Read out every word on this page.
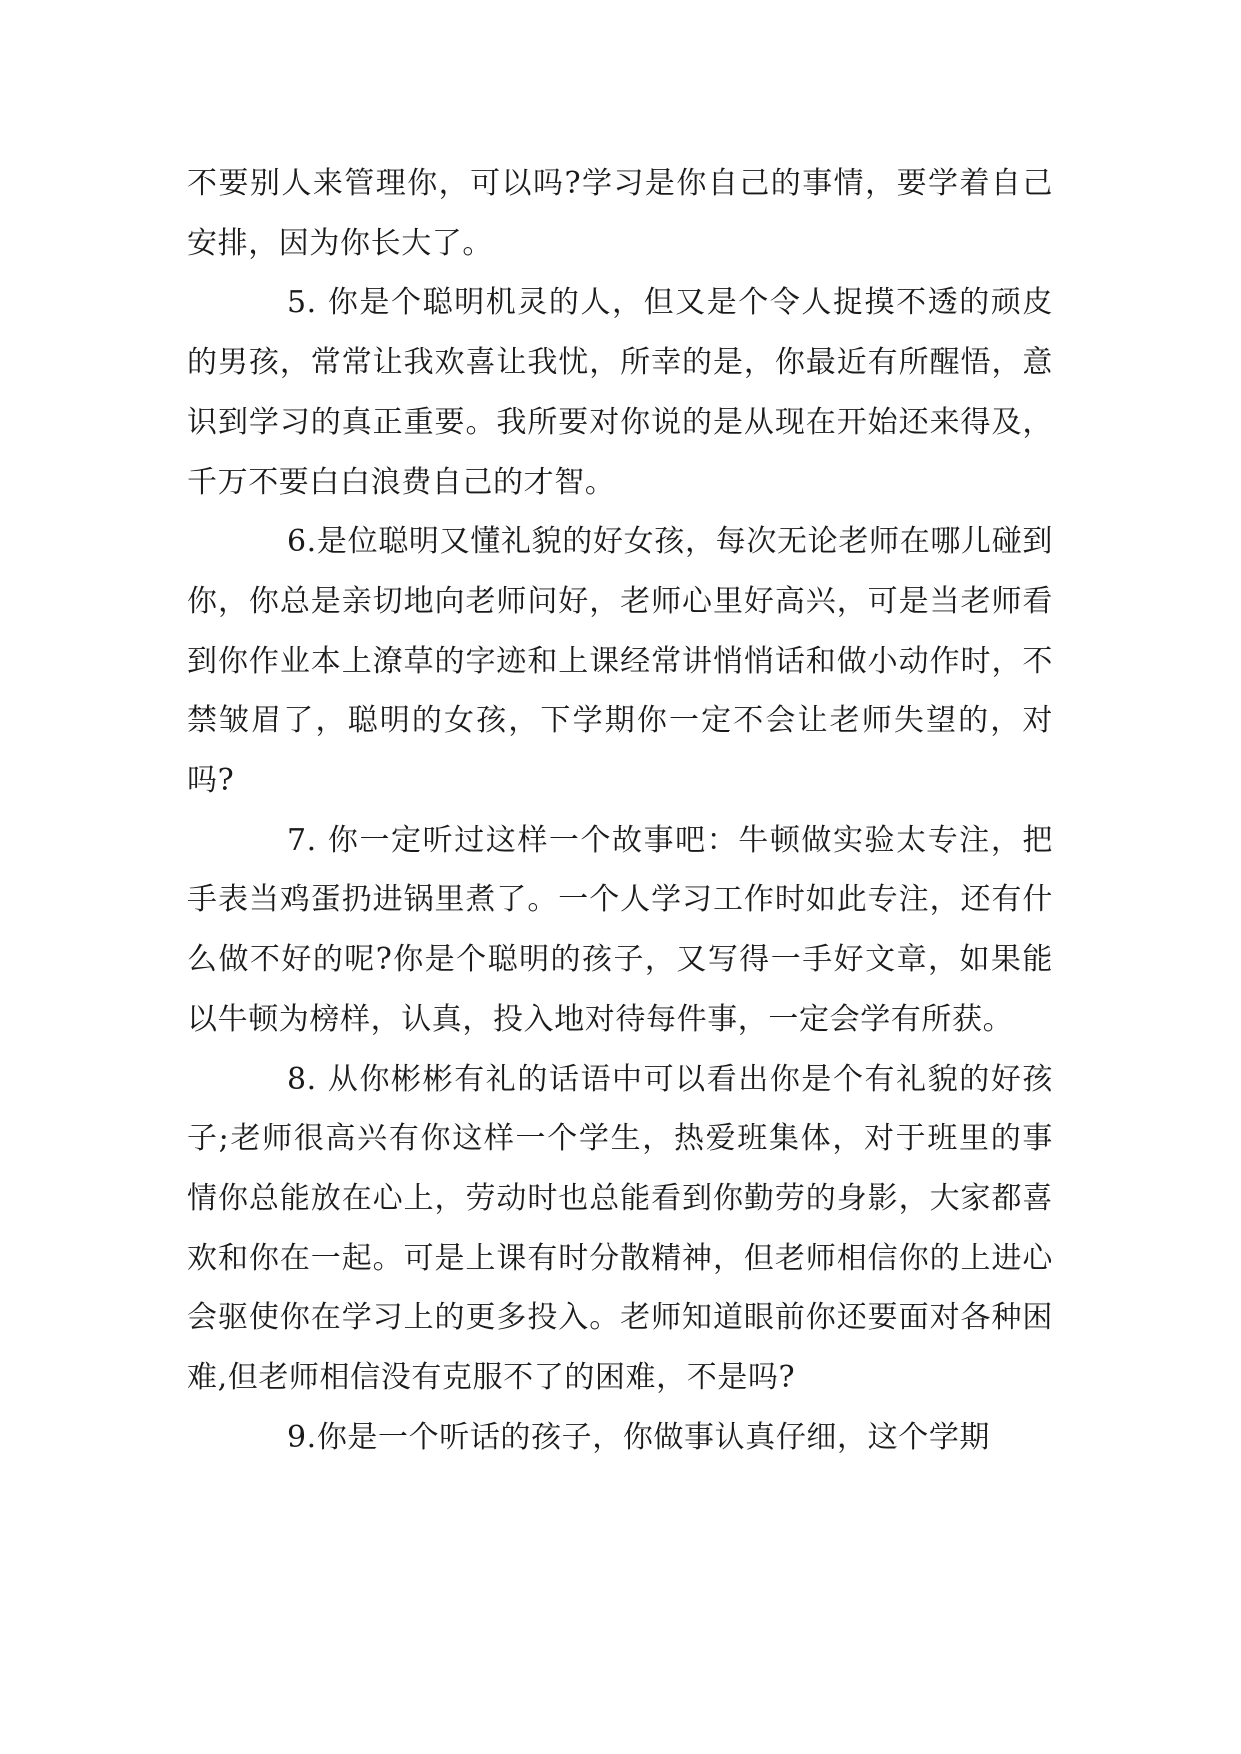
不要别人来管理你，可以吗?学习是你自己的事情，要学着自己安排，因为你长大了。

5. 你是个聪明机灵的人，但又是个令人捉摸不透的顽皮的男孩，常常让我欢喜让我忧，所幸的是，你最近有所醒悟，意识到学习的真正重要。我所要对你说的是从现在开始还来得及，千万不要白白浪费自己的才智。

6.是位聪明又懂礼貌的好女孩，每次无论老师在哪儿碰到你，你总是亲切地向老师问好，老师心里好高兴，可是当老师看到你作业本上潦草的字迹和上课经常讲悄悄话和做小动作时，不禁皱眉了，聪明的女孩，下学期你一定不会让老师失望的，对吗?

7. 你一定听过这样一个故事吧：牛顿做实验太专注，把手表当鸡蛋扔进锅里煮了。一个人学习工作时如此专注，还有什么做不好的呢?你是个聪明的孩子，又写得一手好文章，如果能以牛顿为榜样，认真，投入地对待每件事，一定会学有所获。

8. 从你彬彬有礼的话语中可以看出你是个有礼貌的好孩子;老师很高兴有你这样一个学生，热爱班集体，对于班里的事情你总能放在心上，劳动时也总能看到你勤劳的身影，大家都喜欢和你在一起。可是上课有时分散精神，但老师相信你的上进心会驱使你在学习上的更多投入。老师知道眼前你还要面对各种困难,但老师相信没有克服不了的困难，不是吗?

9.你是一个听话的孩子，你做事认真仔细，这个学期
